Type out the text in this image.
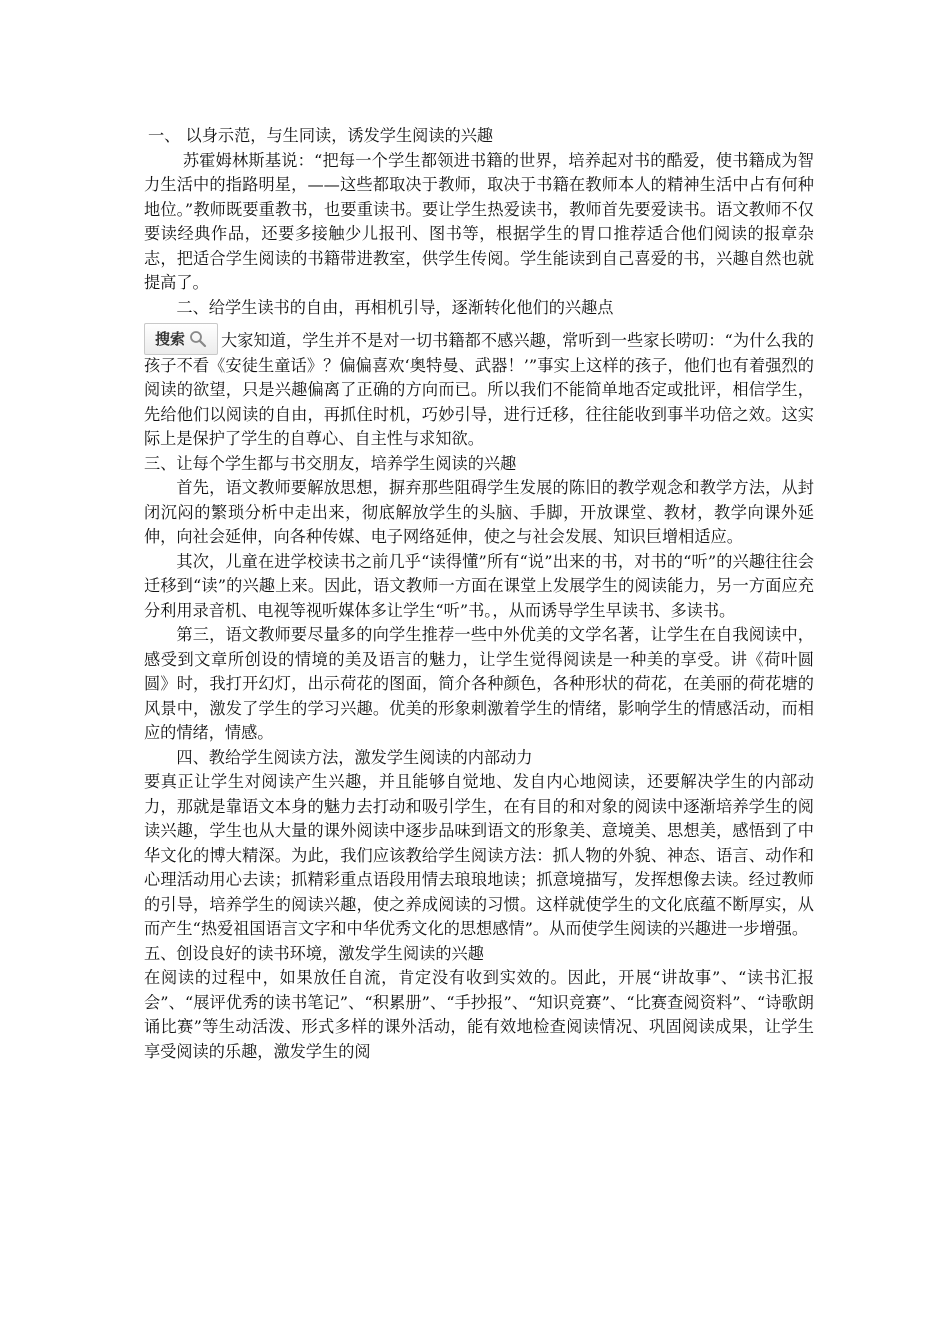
一、 以身示范，与生同读，诱发学生阅读的兴趣

苏霍姆林斯基说：“把每一个学生都领进书籍的世界，培养起对书的酷爱，使书籍成为智力生活中的指路明星，——这些都取决于教师，取决于书籍在教师本人的精神生活中占有何种地位。”教师既要重教书，也要重读书。要让学生热爱读书，教师首先要爱读书。语文教师不仅要读经典作品，还要多接触少儿报刊、图书等，根据学生的胃口推荐适合他们阅读的报章杂志，把适合学生阅读的书籍带进教室，供学生传阅。学生能读到自己喜爱的书，兴趣自然也就提高了。

二、给学生读书的自由，再相机引导，逐渐转化他们的兴趣点

搜索	大家知道，学生并不是对一切书籍都不感兴趣，常听到一些家长唠叨：“为什么我的孩子不看《安徒生童话》？偏偏喜欢‘奥特曼、武器！’”事实上这样的孩子，他们也有着强烈的阅读的欲望，只是兴趣偏离了正确的方向而已。所以我们不能简单地否定或批评，相信学生，先给他们以阅读的自由，再抓住时机，巧妙引导，进行迁移，往往能收到事半功倍之效。这实际上是保护了学生的自尊心、自主性与求知欲。

三、让每个学生都与书交朋友，培养学生阅读的兴趣

首先，语文教师要解放思想，摒弃那些阻碍学生发展的陈旧的教学观念和教学方法，从封闭沉闷的繁琐分析中走出来，彻底解放学生的头脑、手脚，开放课堂、教材，教学向课外延伸，向社会延伸，向各种传媒、电子网络延伸，使之与社会发展、知识巨增相适应。

其次，儿童在进学校读书之前几乎“读得懂”所有“说”出来的书，对书的“听”的兴趣往往会迁移到“读”的兴趣上来。因此，语文教师一方面在课堂上发展学生的阅读能力，另一方面应充分利用录音机、电视等视听媒体多让学生“听”书。，从而诱导学生早读书、多读书。

第三，语文教师要尽量多的向学生推荐一些中外优美的文学名著，让学生在自我阅读中，感受到文章所创设的情境的美及语言的魅力，让学生觉得阅读是一种美的享受。讲《荷叶圆圆》时，我打开幻灯，出示荷花的图面，简介各种颜色，各种形状的荷花，在美丽的荷花塘的风景中，激发了学生的学习兴趣。优美的形象刺激着学生的情绪，影响学生的情感活动，而相应的情绪，情感。

四、教给学生阅读方法，激发学生阅读的内部动力

要真正让学生对阅读产生兴趣，并且能够自觉地、发自内心地阅读，还要解决学生的内部动力，那就是靠语文本身的魅力去打动和吸引学生，在有目的和对象的阅读中逐渐培养学生的阅读兴趣，学生也从大量的课外阅读中逐步品味到语文的形象美、意境美、思想美，感悟到了中华文化的博大精深。为此，我们应该教给学生阅读方法：抓人物的外貌、神态、语言、动作和心理活动用心去读；抓精彩重点语段用情去琅琅地读；抓意境描写，发挥想像去读。经过教师的引导，培养学生的阅读兴趣，使之养成阅读的习惯。这样就使学生的文化底蕴不断厚实，从而产生“热爱祖国语言文字和中华优秀文化的思想感情”。从而使学生阅读的兴趣进一步增强。

五、创设良好的读书环境，激发学生阅读的兴趣

在阅读的过程中，如果放任自流，肯定没有收到实效的。因此，开展“讲故事”、“读书汇报会”、“展评优秀的读书笔记”、“积累册”、“手抄报”、“知识竞赛”、“比赛查阅资料”、“诗歌朗诵比赛”等生动活泼、形式多样的课外活动，能有效地检查阅读情况、巩固阅读成果，让学生享受阅读的乐趣，激发学生的阅
